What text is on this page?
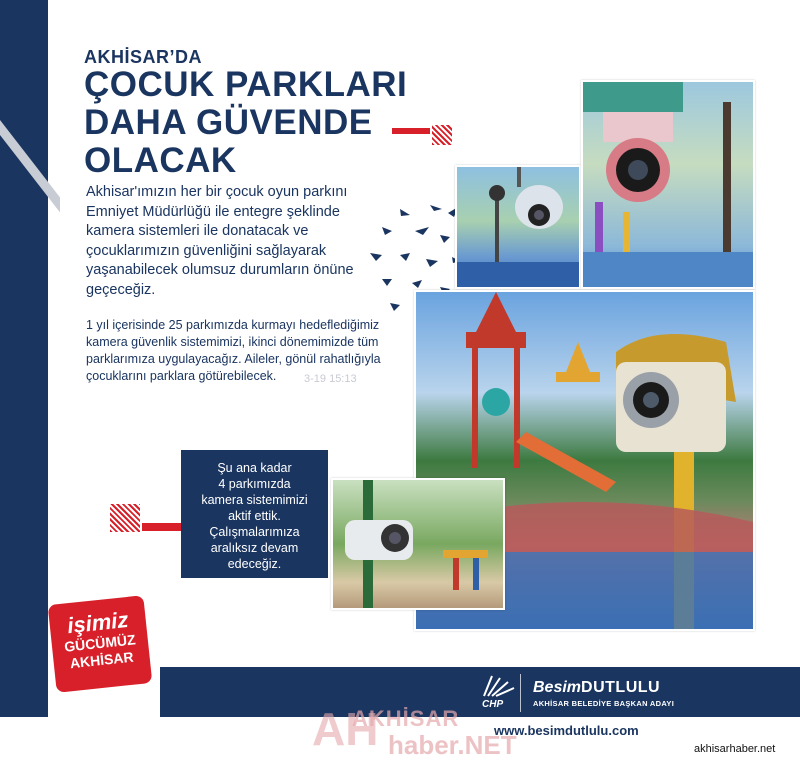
AKHİSAR’DA
ÇOCUK PARKLARI
DAHA GÜVENDE
OLACAK
Akhisar'ımızın her bir çocuk oyun parkını Emniyet Müdürlüğü ile entegre şeklinde kamera sistemleri ile donatacak ve çocuklarımızın güvenliğini sağlayarak yaşanabilecek olumsuz durumların önüne geçeceğiz.
1 yıl içerisinde 25 parkımızda kurmayı hedeflediğimiz kamera güvenlik sistemimizi, ikinci dönemimizde tüm parklarımıza uygulayacağız. Aileler, gönül rahatlığıyla çocuklarını parklara götürebilecek.	3-19 15:13
Şu ana kadar
4 parkımızda
kamera sistemimizi
aktif ettik.
Çalışmalarımıza
aralıksız devam
edeceğiz.
CHP
BesimDUTLULU
AKHİSAR BELEDİYE BAŞKAN ADAYI
AH
AKHİSAR
haber.NET
www.besimdutlulu.com
akhisarhaber.net
işimiz
GÜCÜMÜZ
AKHİSAR
